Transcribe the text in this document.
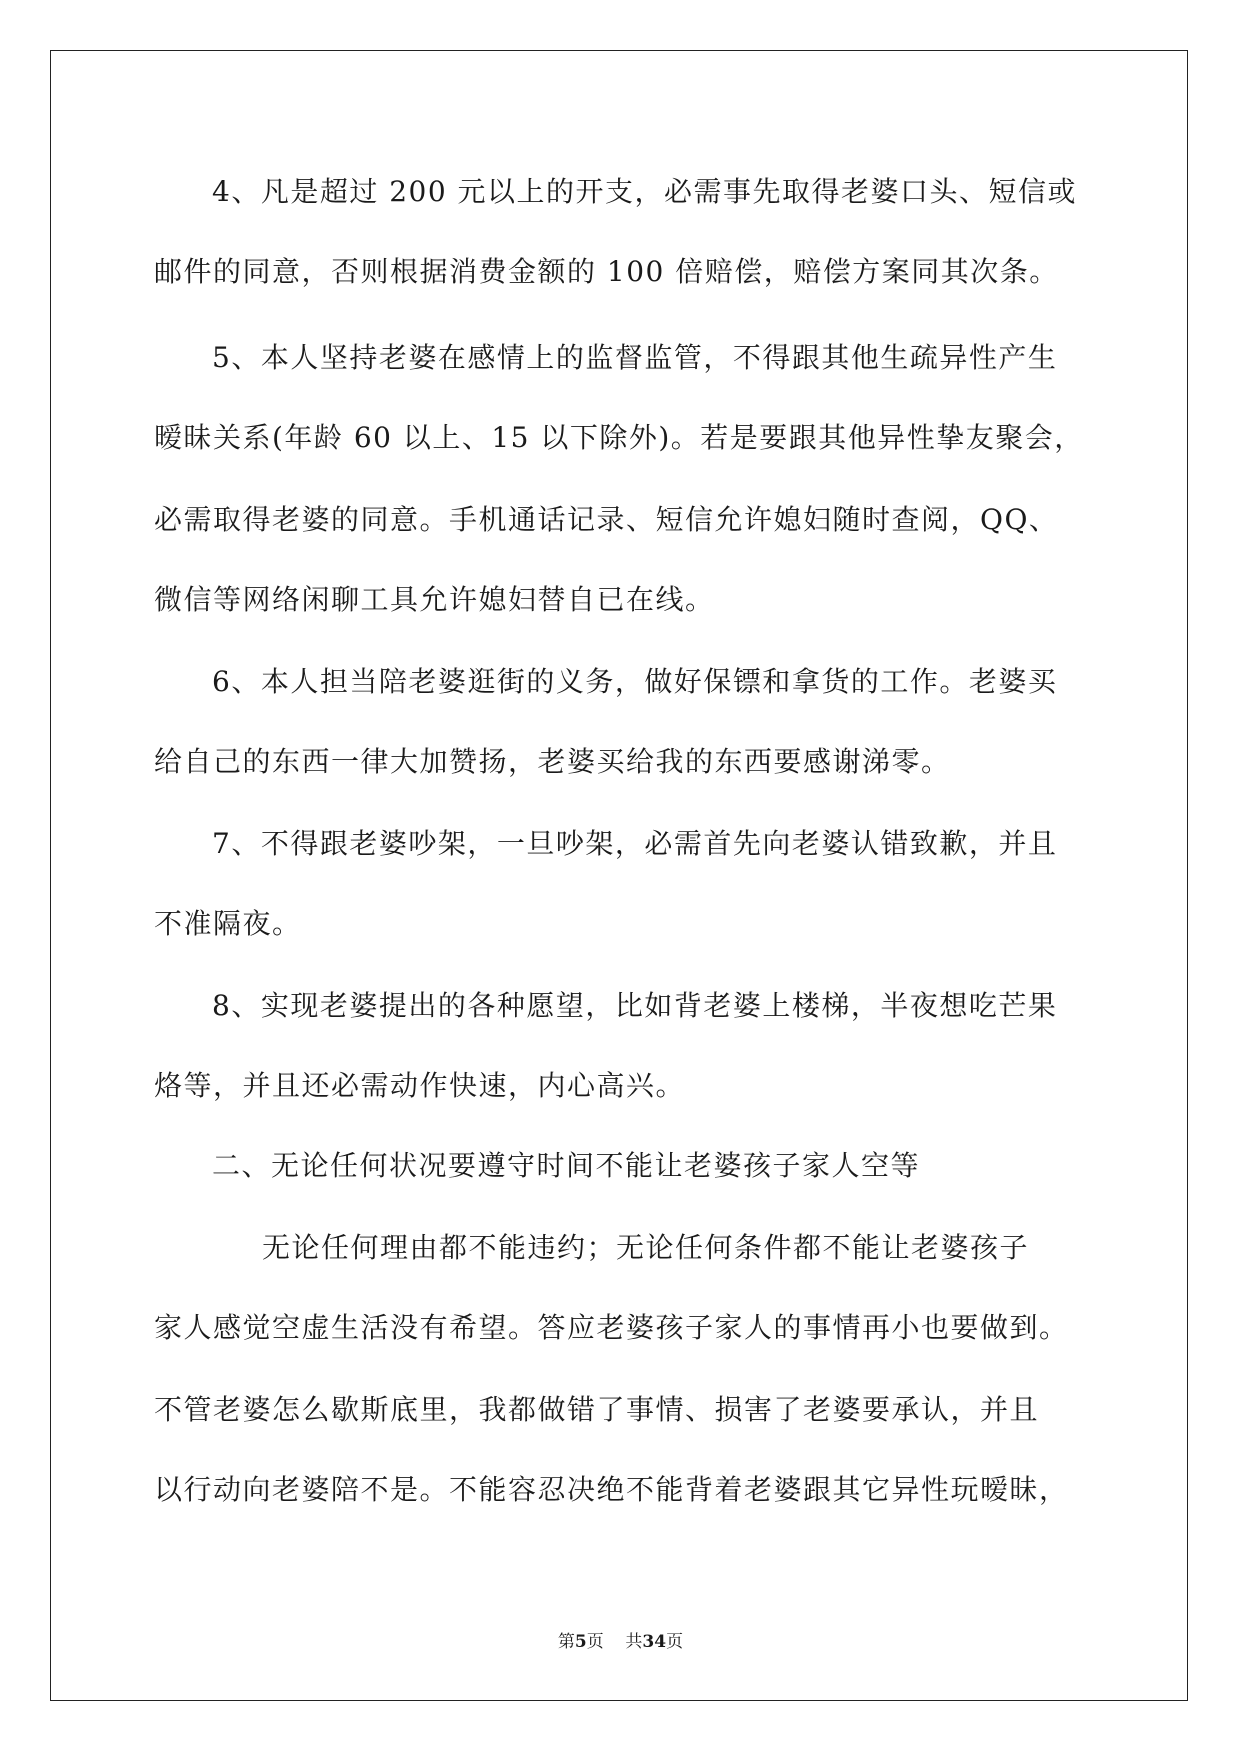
4、凡是超过 200 元以上的开支，必需事先取得老婆口头、短信或
邮件的同意，否则根据消费金额的 100 倍赔偿，赔偿方案同其次条。
5、本人坚持老婆在感情上的监督监管，不得跟其他生疏异性产生
暧昧关系(年龄 60 以上、15 以下除外)。若是要跟其他异性挚友聚会，
必需取得老婆的同意。手机通话记录、短信允许媳妇随时查阅，QQ、
微信等网络闲聊工具允许媳妇替自已在线。
6、本人担当陪老婆逛街的义务，做好保镖和拿货的工作。老婆买
给自己的东西一律大加赞扬，老婆买给我的东西要感谢涕零。
7、不得跟老婆吵架，一旦吵架，必需首先向老婆认错致歉，并且
不准隔夜。
8、实现老婆提出的各种愿望，比如背老婆上楼梯，半夜想吃芒果
烙等，并且还必需动作快速，内心高兴。
二、无论任何状况要遵守时间不能让老婆孩子家人空等
无论任何理由都不能违约；无论任何条件都不能让老婆孩子
家人感觉空虚生活没有希望。答应老婆孩子家人的事情再小也要做到。
不管老婆怎么歇斯底里，我都做错了事情、损害了老婆要承认，并且
以行动向老婆陪不是。不能容忍决绝不能背着老婆跟其它异性玩暧昧，
第5页 共34页
